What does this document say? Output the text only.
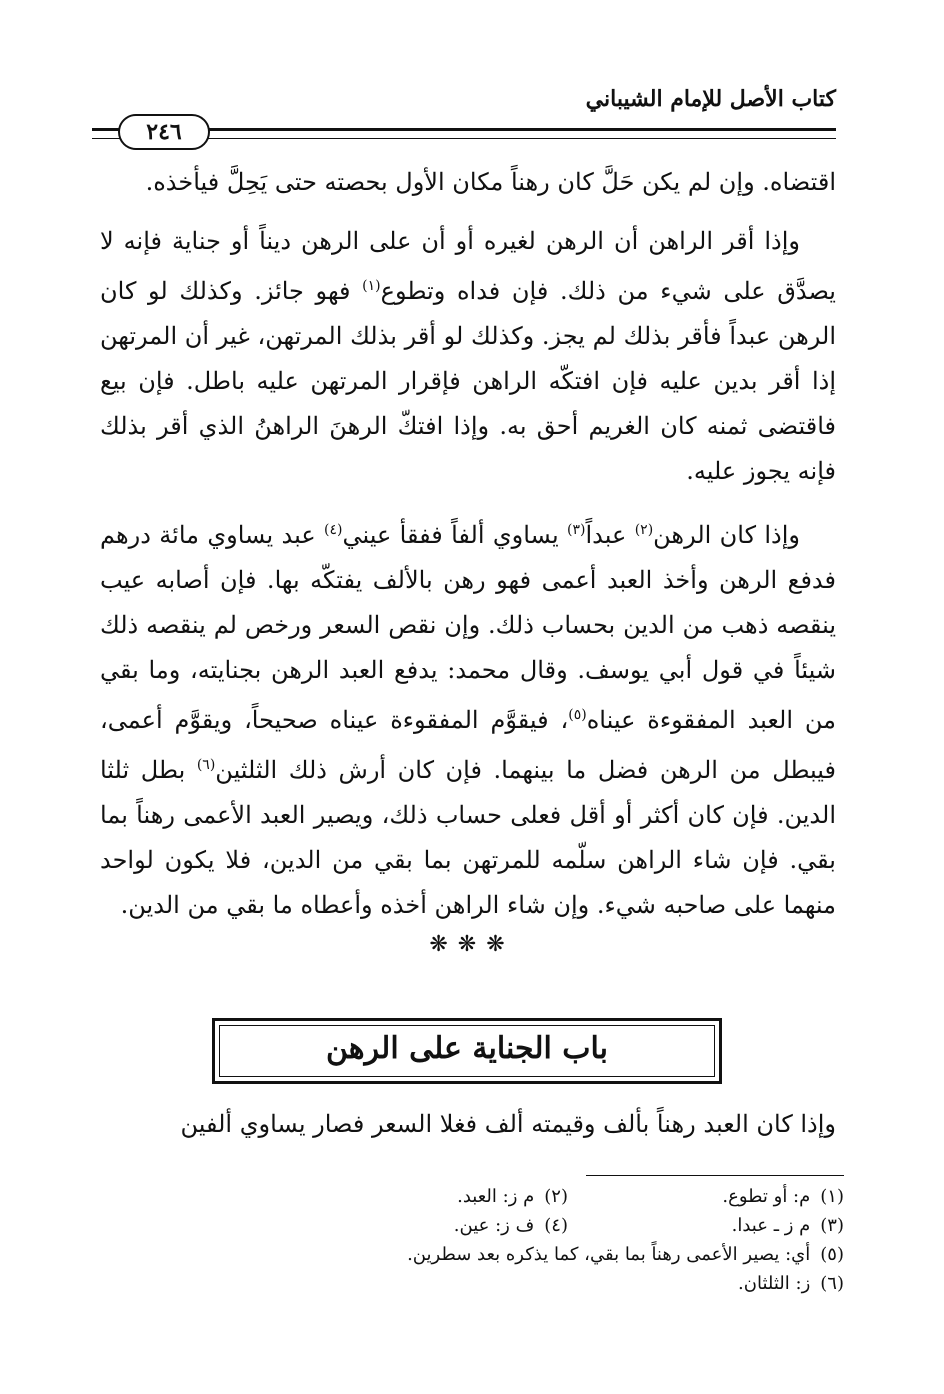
كتاب الأصل للإمام الشيباني
٢٤٦

اقتضاه. وإن لم يكن حَلَّ كان رهناً مكان الأول بحصته حتى يَحِلَّ فيأخذه.

وإذا أقر الراهن أن الرهن لغيره أو أن على الرهن ديناً أو جناية فإنه لا يصدَّق على شيء من ذلك. فإن فداه وتطوع$^{(١)}$ فهو جائز. وكذلك لو كان الرهن عبداً فأقر بذلك لم يجز. وكذلك لو أقر بذلك المرتهن، غير أن المرتهن إذا أقر بدين عليه فإن افتكّه الراهن فإقرار المرتهن عليه باطل. فإن بيع فاقتضى ثمنه كان الغريم أحق به. وإذا افتكّ الرهنَ الراهنُ الذي أقر بذلك فإنه يجوز عليه.

وإذا كان الرهن$^{(٢)}$ عبداً$^{(٣)}$ يساوي ألفاً ففقأ عيني$^{(٤)}$ عبد يساوي مائة درهم فدفع الرهن وأخذ العبد أعمى فهو رهن بالألف يفتكّه بها. فإن أصابه عيب ينقصه ذهب من الدين بحساب ذلك. وإن نقص السعر ورخص لم ينقصه ذلك شيئاً في قول أبي يوسف. وقال محمد: يدفع العبد الرهن بجنايته، وما بقي من العبد المفقوءة عيناه$^{(٥)}$، فيقوَّم المفقوءة عيناه صحيحاً، ويقوَّم أعمى، فيبطل من الرهن فضل ما بينهما. فإن كان أرش ذلك الثلثين$^{(٦)}$ بطل ثلثا الدين. فإن كان أكثر أو أقل فعلى حساب ذلك، ويصير العبد الأعمى رهناً بما بقي. فإن شاء الراهن سلّمه للمرتهن بما بقي من الدين، فلا يكون لواحد منهما على صاحبه شيء. وإن شاء الراهن أخذه وأعطاه ما بقي من الدين.

❋❋❋
باب الجناية على الرهن
وإذا كان العبد رهناً بألف وقيمته ألف فغلا السعر فصار يساوي ألفين
(١)م: أو تطوع.
(٢)م ز: العبد.
(٣)م ز ـ عبدا.
(٤)ف ز: عين.
(٥)أي: يصير الأعمى رهناً بما بقي، كما يذكره بعد سطرين.
(٦)ز: الثلثان.
